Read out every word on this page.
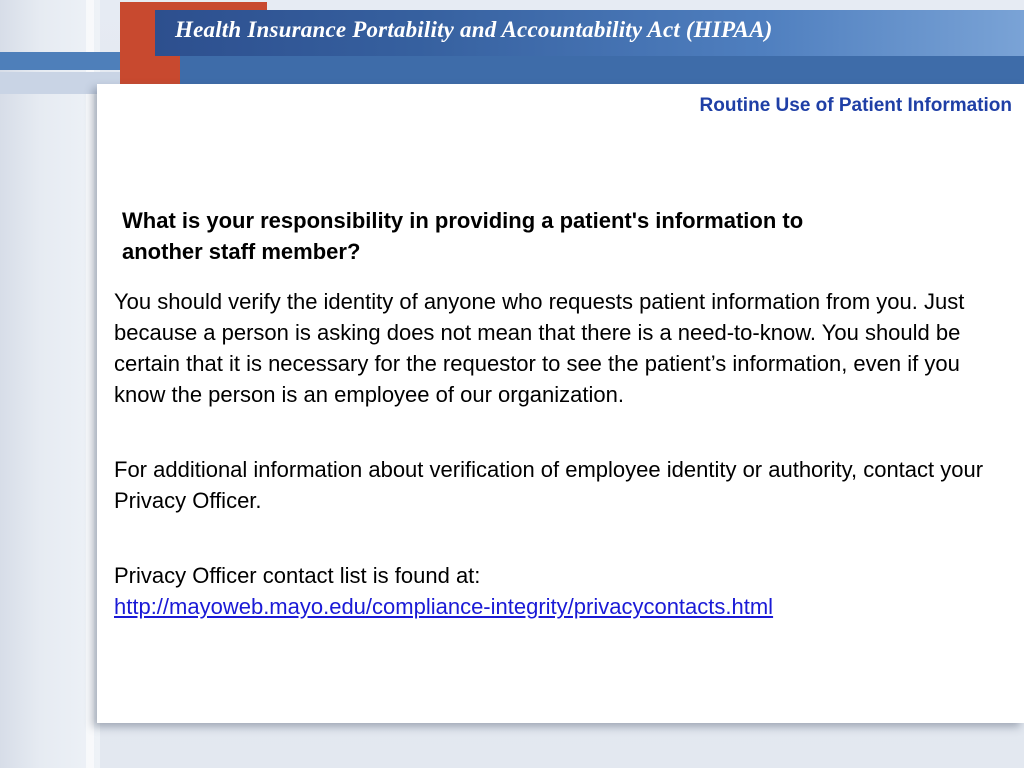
Health Insurance Portability and Accountability Act (HIPAA)
Routine Use of Patient Information
What is your responsibility in providing a patient's information to another staff member?

You should verify the identity of anyone who requests patient information from you. Just because a person is asking does not mean that there is a need-to-know. You should be certain that it is necessary for the requestor to see the patient’s information, even if you know the person is an employee of our organization.

For additional information about verification of employee identity or authority, contact your Privacy Officer.

Privacy Officer contact list is found at:
http://mayoweb.mayo.edu/compliance-integrity/privacycontacts.html
